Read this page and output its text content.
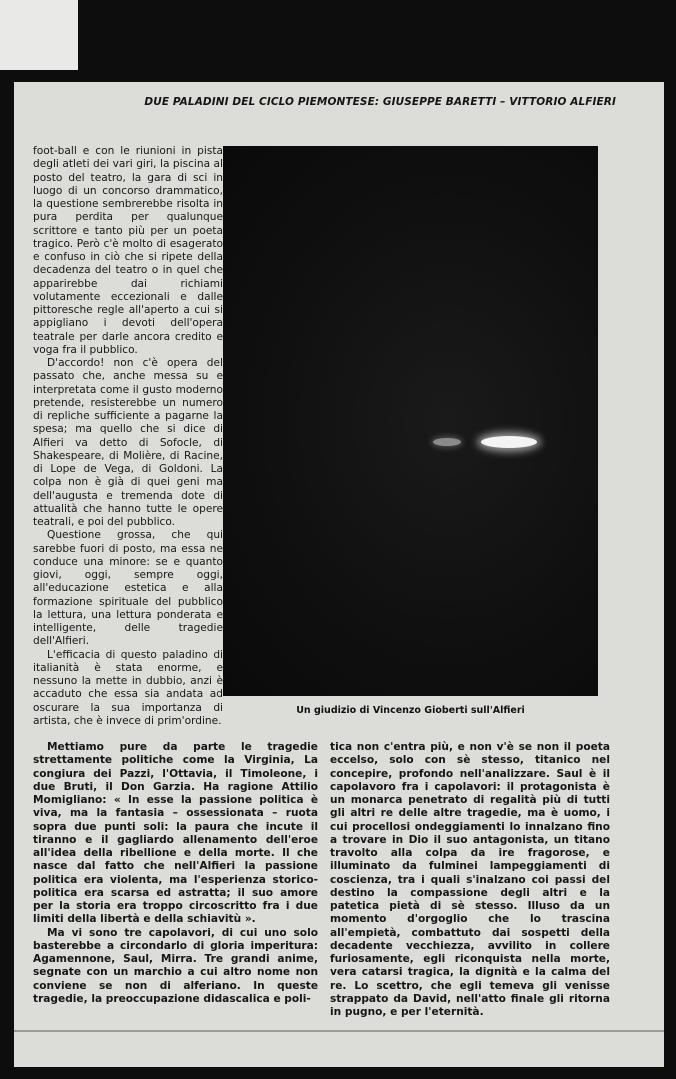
DUE PALADINI DEL CICLO PIEMONTESE: GIUSEPPE BARETTI – VITTORIO ALFIERI

foot-ball e con le riunioni in pista degli atleti dei vari giri, la piscina al posto del teatro, la gara di sci in luogo di un concorso drammatico, la questione sembrerebbe risolta in pura perdita per qualunque scrittore e tanto più per un poeta tragico. Però c'è molto di esagerato e confuso in ciò che si ripete della decadenza del teatro o in quel che apparirebbe dai richiami volutamente eccezionali e dalle pittoresche regle all'aperto a cui si appigliano i devoti dell'opera teatrale per darle ancora credito e voga fra il pubblico.

D'accordo! non c'è opera del passato che, anche messa su e interpretata come il gusto moderno pretende, resisterebbe un numero di repliche sufficiente a pagarne la spesa; ma quello che si dice di Alfieri va detto di Sofocle, di Shakespeare, di Molière, di Racine, di Lope de Vega, di Goldoni. La colpa non è già di quei geni ma dell'augusta e tremenda dote di attualità che hanno tutte le opere teatrali, e poi del pubblico.

Questione grossa, che qui sarebbe fuori di posto, ma essa ne conduce una minore: se e quanto giovi, oggi, sempre oggi, all'educazione estetica e alla formazione spirituale del pubblico la lettura, una lettura ponderata e intelligente, delle tragedie dell'Alfieri.

L'efficacia di questo paladino di italianità è stata enorme, e nessuno la mette in dubbio, anzi è accaduto che essa sia andata ad oscurare la sua importanza di artista, che è invece di prim'ordine.

Un giudizio di Vincenzo Gioberti sull'Alfieri

Mettiamo pure da parte le tragedie strettamente politiche come la Virginia, La congiura dei Pazzi, l'Ottavia, il Timoleone, i due Bruti, il Don Garzia. Ha ragione Attilio Momigliano: « In esse la passione politica è viva, ma la fantasia – ossessionata – ruota sopra due punti soli: la paura che incute il tiranno e il gagliardo allenamento dell'eroe all'idea della ribellione e della morte. Il che nasce dal fatto che nell'Alfieri la passione politica era violenta, ma l'esperienza storico-politica era scarsa ed astratta; il suo amore per la storia era troppo circoscritto fra i due limiti della libertà e della schiavitù ».

Ma vi sono tre capolavori, di cui uno solo basterebbe a circondarlo di gloria imperitura: Agamennone, Saul, Mirra. Tre grandi anime, segnate con un marchio a cui altro nome non conviene se non di alferiano. In queste tragedie, la preoccupazione didascalica e poli-

tica non c'entra più, e non v'è se non il poeta eccelso, solo con sè stesso, titanico nel concepire, profondo nell'analizzare. Saul è il capolavoro fra i capolavori: il protagonista è un monarca penetrato di regalità più di tutti gli altri re delle altre tragedie, ma è uomo, i cui procellosi ondeggiamenti lo innalzano fino a trovare in Dio il suo antagonista, un titano travolto alla colpa da ire fragorose, e illuminato da fulminei lampeggiamenti di coscienza, tra i quali s'inalzano coi passi del destino la compassione degli altri e la patetica pietà di sè stesso. Illuso da un momento d'orgoglio che lo trascina all'empietà, combattuto dai sospetti della decadente vecchiezza, avvilito in collere furiosamente, egli riconquista nella morte, vera catarsi tragica, la dignità e la calma del re. Lo scettro, che egli temeva gli venisse strappato da David, nell'atto finale gli ritorna in pugno, e per l'eternità.
